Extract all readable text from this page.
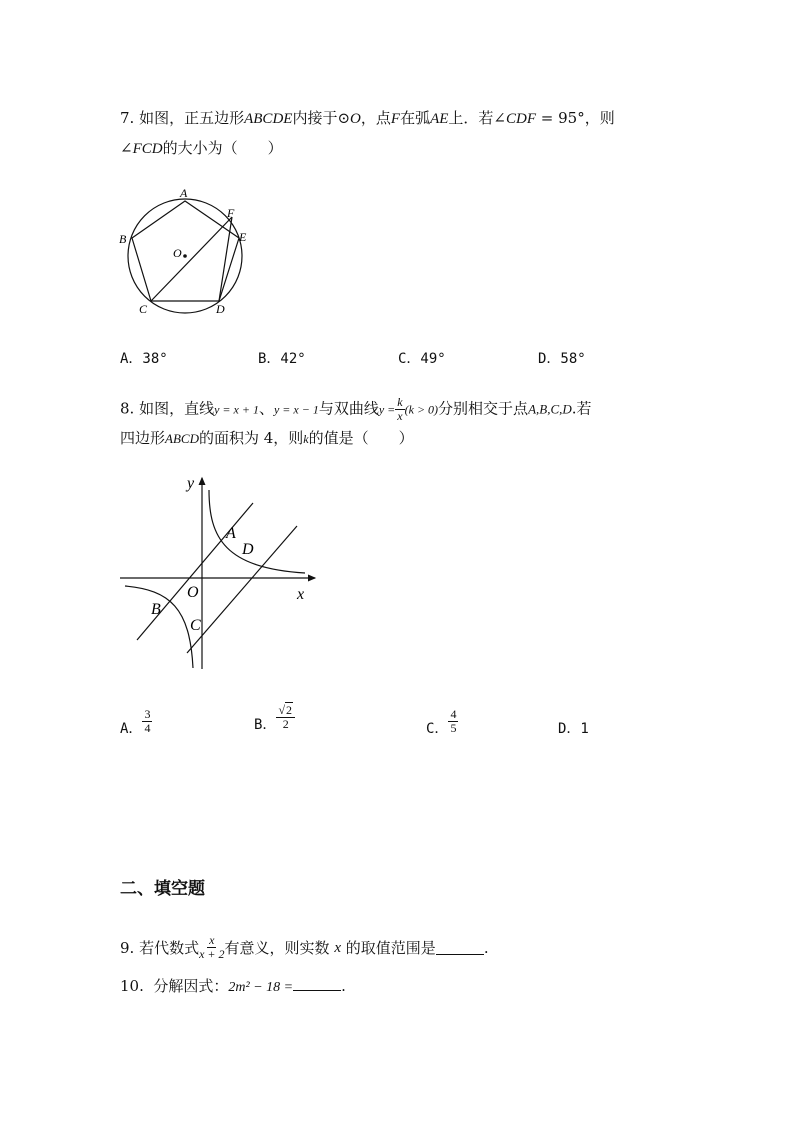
7. 如图，正五边形ABCDE内接于⊙O，点F在弧AE上．若∠CDF = 95°，则
∠FCD的大小为（　　）
A
B
C	D
E
F
O
A．38°	B．42°	C．49°	D．58°
8. 如图，直线y = x + 1、y = x − 1与双曲线$y = \frac{k}{x} (k > 0)$分别相交于点A,B,C,D.若
四边形ABCD的面积为 4，则k的值是（　　）
y
x
O
A
B
C
D
A． $\frac{3}{4}$	B． $\frac{√2}{2}$	C． $\frac{4}{5}$	D．1
二、填空题
9.
若代数式 $\frac{x}{x + 2}$ 有意义，则实数
x
的取值范围是	.
10. 分解因式：2m² − 18 =	.
